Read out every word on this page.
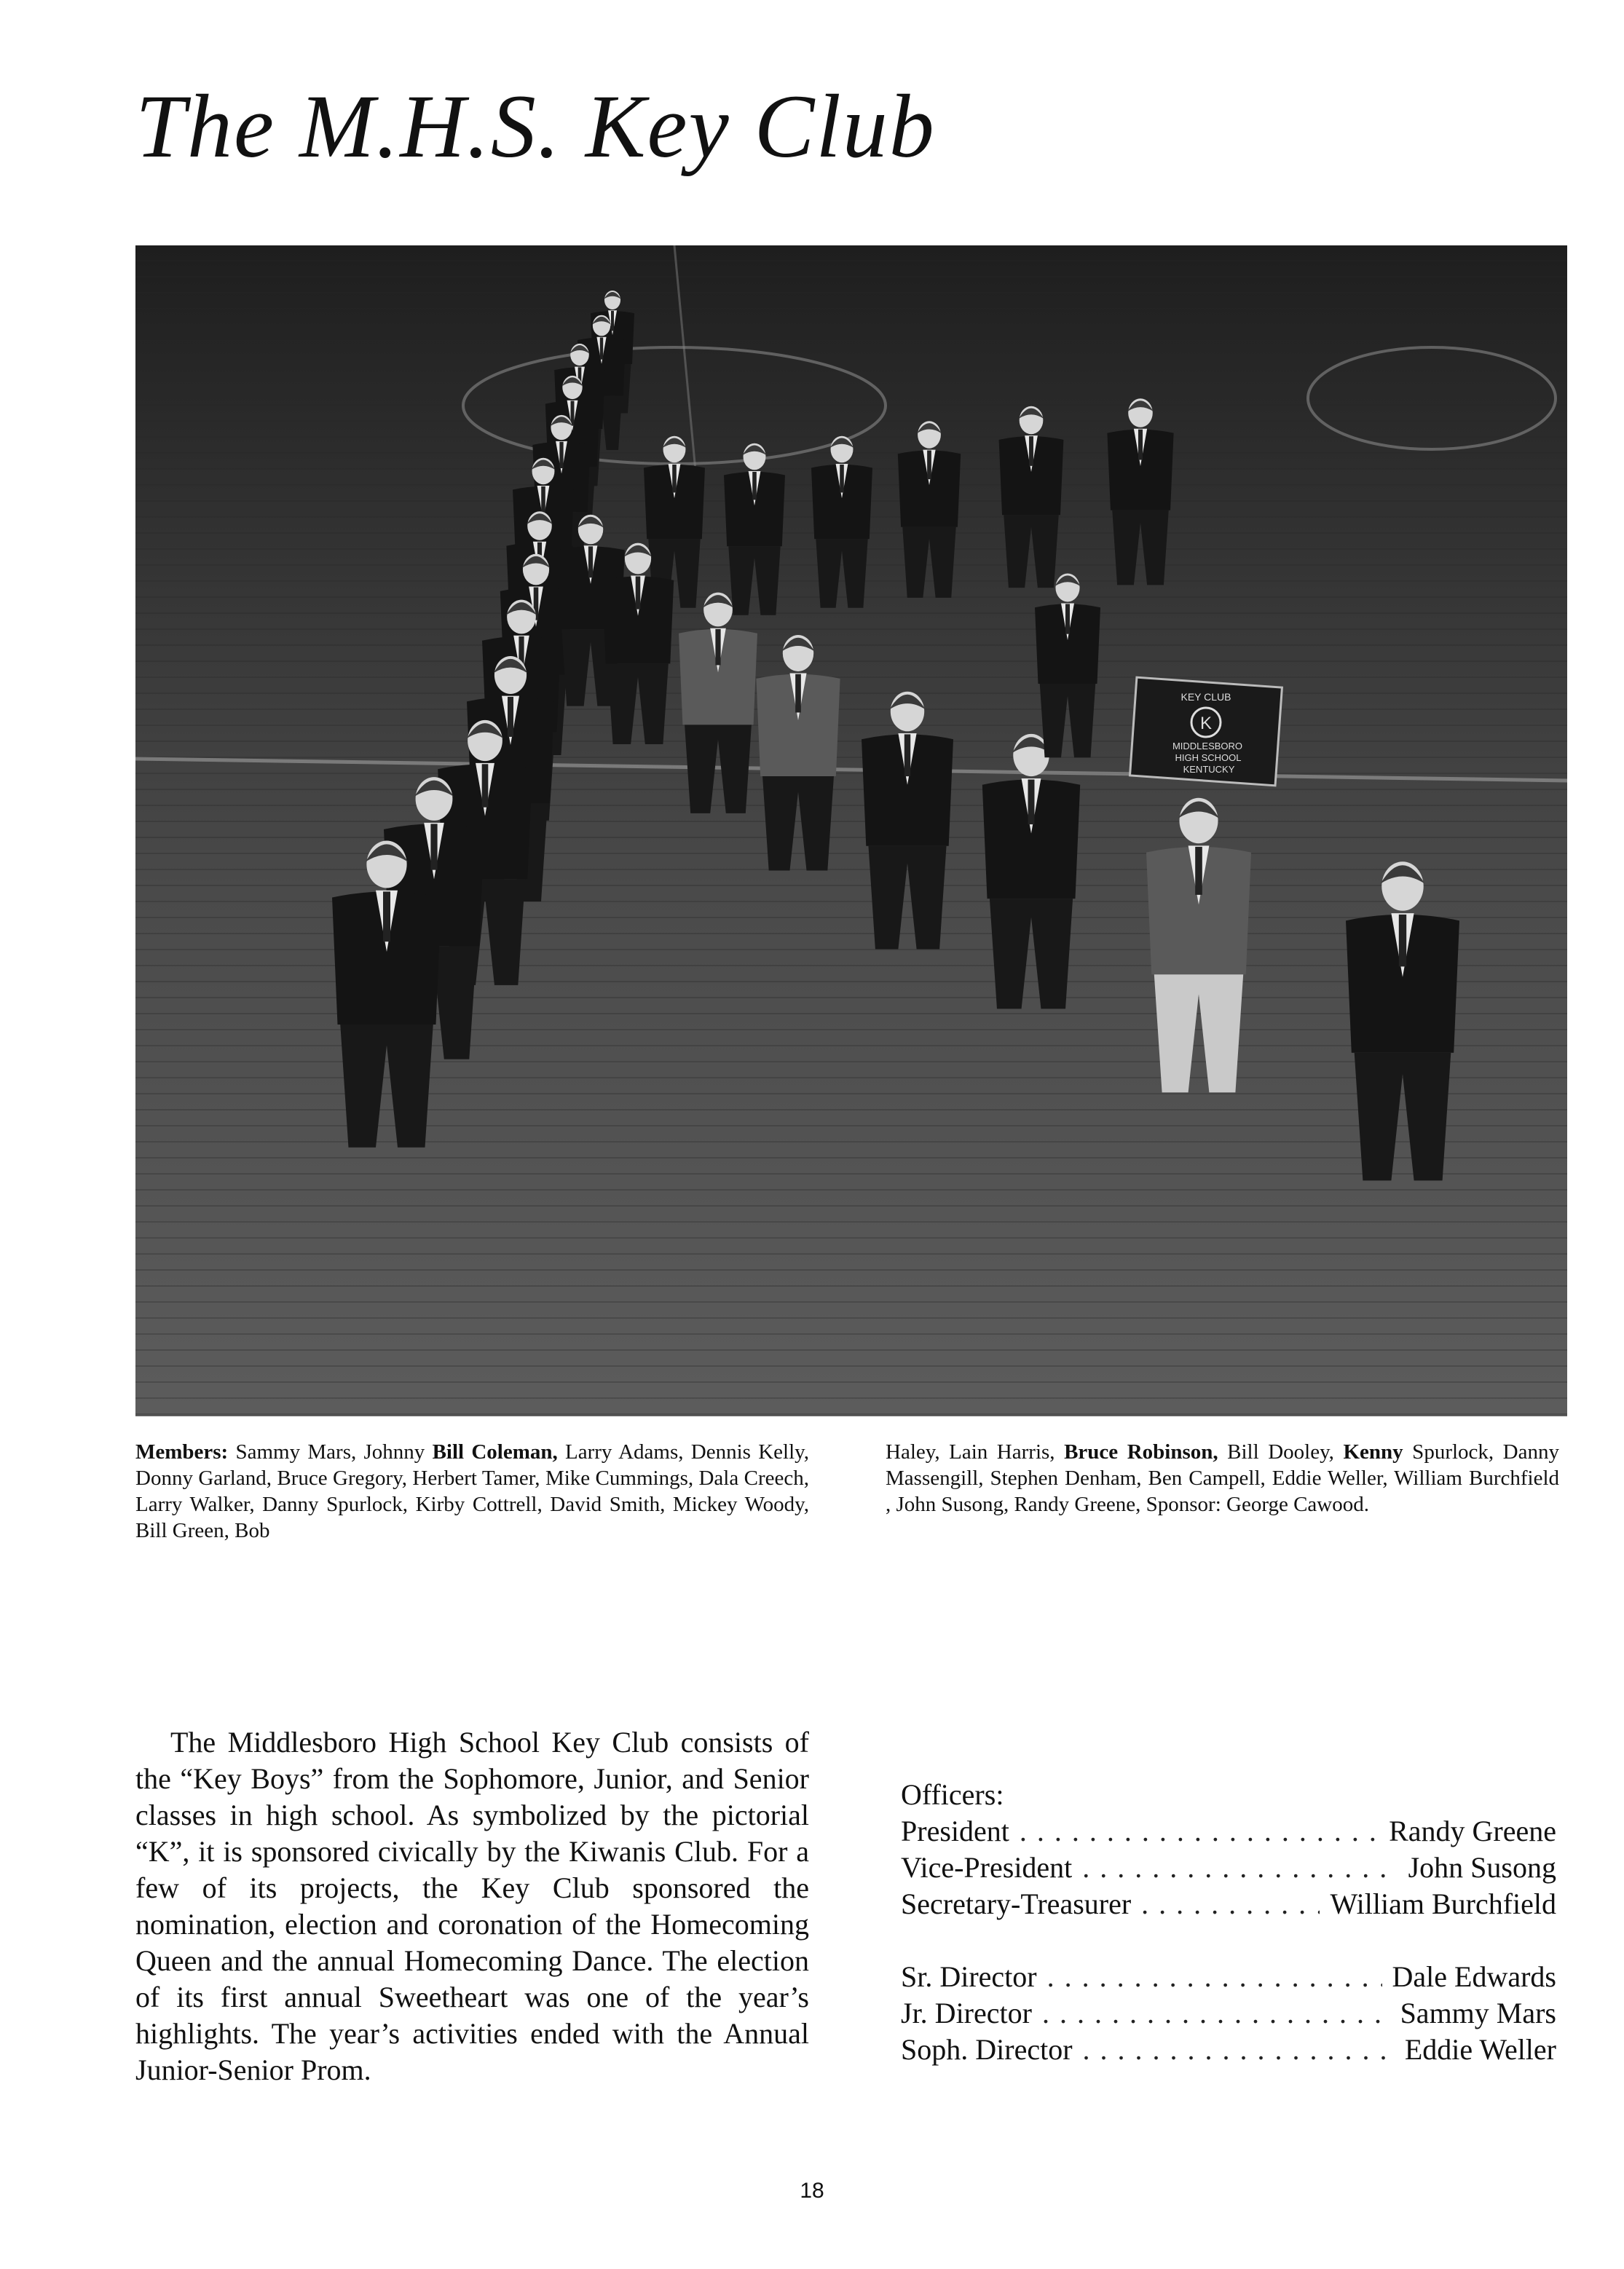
The M.H.S. Key Club
KEY CLUB
K
MIDDLESBORO
HIGH SCHOOL
KENTUCKY

Members: Sammy Mars, Johnny Bill Coleman, Larry Adams, Dennis Kelly, Donny Garland, Bruce Gregory, Herbert Tamer, Mike Cummings, Dala Creech, Larry Walker, Danny Spurlock, Kirby Cottrell, David Smith, Mickey Woody, Bill Green, Bob

Haley, Lain Harris, Bruce Robinson, Bill Dooley, Kenny Spurlock, Danny Massengill, Stephen Denham, Ben Campell, Eddie Weller, William Burchfield , John Susong, Randy Greene, Sponsor: George Cawood.

The Middlesboro High School Key Club consists of the “Key Boys” from the Sophomore, Junior, and Senior classes in high school. As symbolized by the pictorial “K”, it is sponsored civically by the Kiwanis Club. For a few of its projects, the Key Club sponsored the nomination, election and coronation of the Homecoming Queen and the annual Homecoming Dance. The election of its first annual Sweetheart was one of the year’s highlights. The year’s activities ended with the Annual Junior-Senior Prom.

Officers:
President . . .	Randy Greene
Vice-President . . .	John Susong
Secretary-Treasurer . . .	William Burchfield
Sr. Director . . .	Dale Edwards
Jr. Director . . .	Sammy Mars
Soph. Director . . .	Eddie Weller
18
